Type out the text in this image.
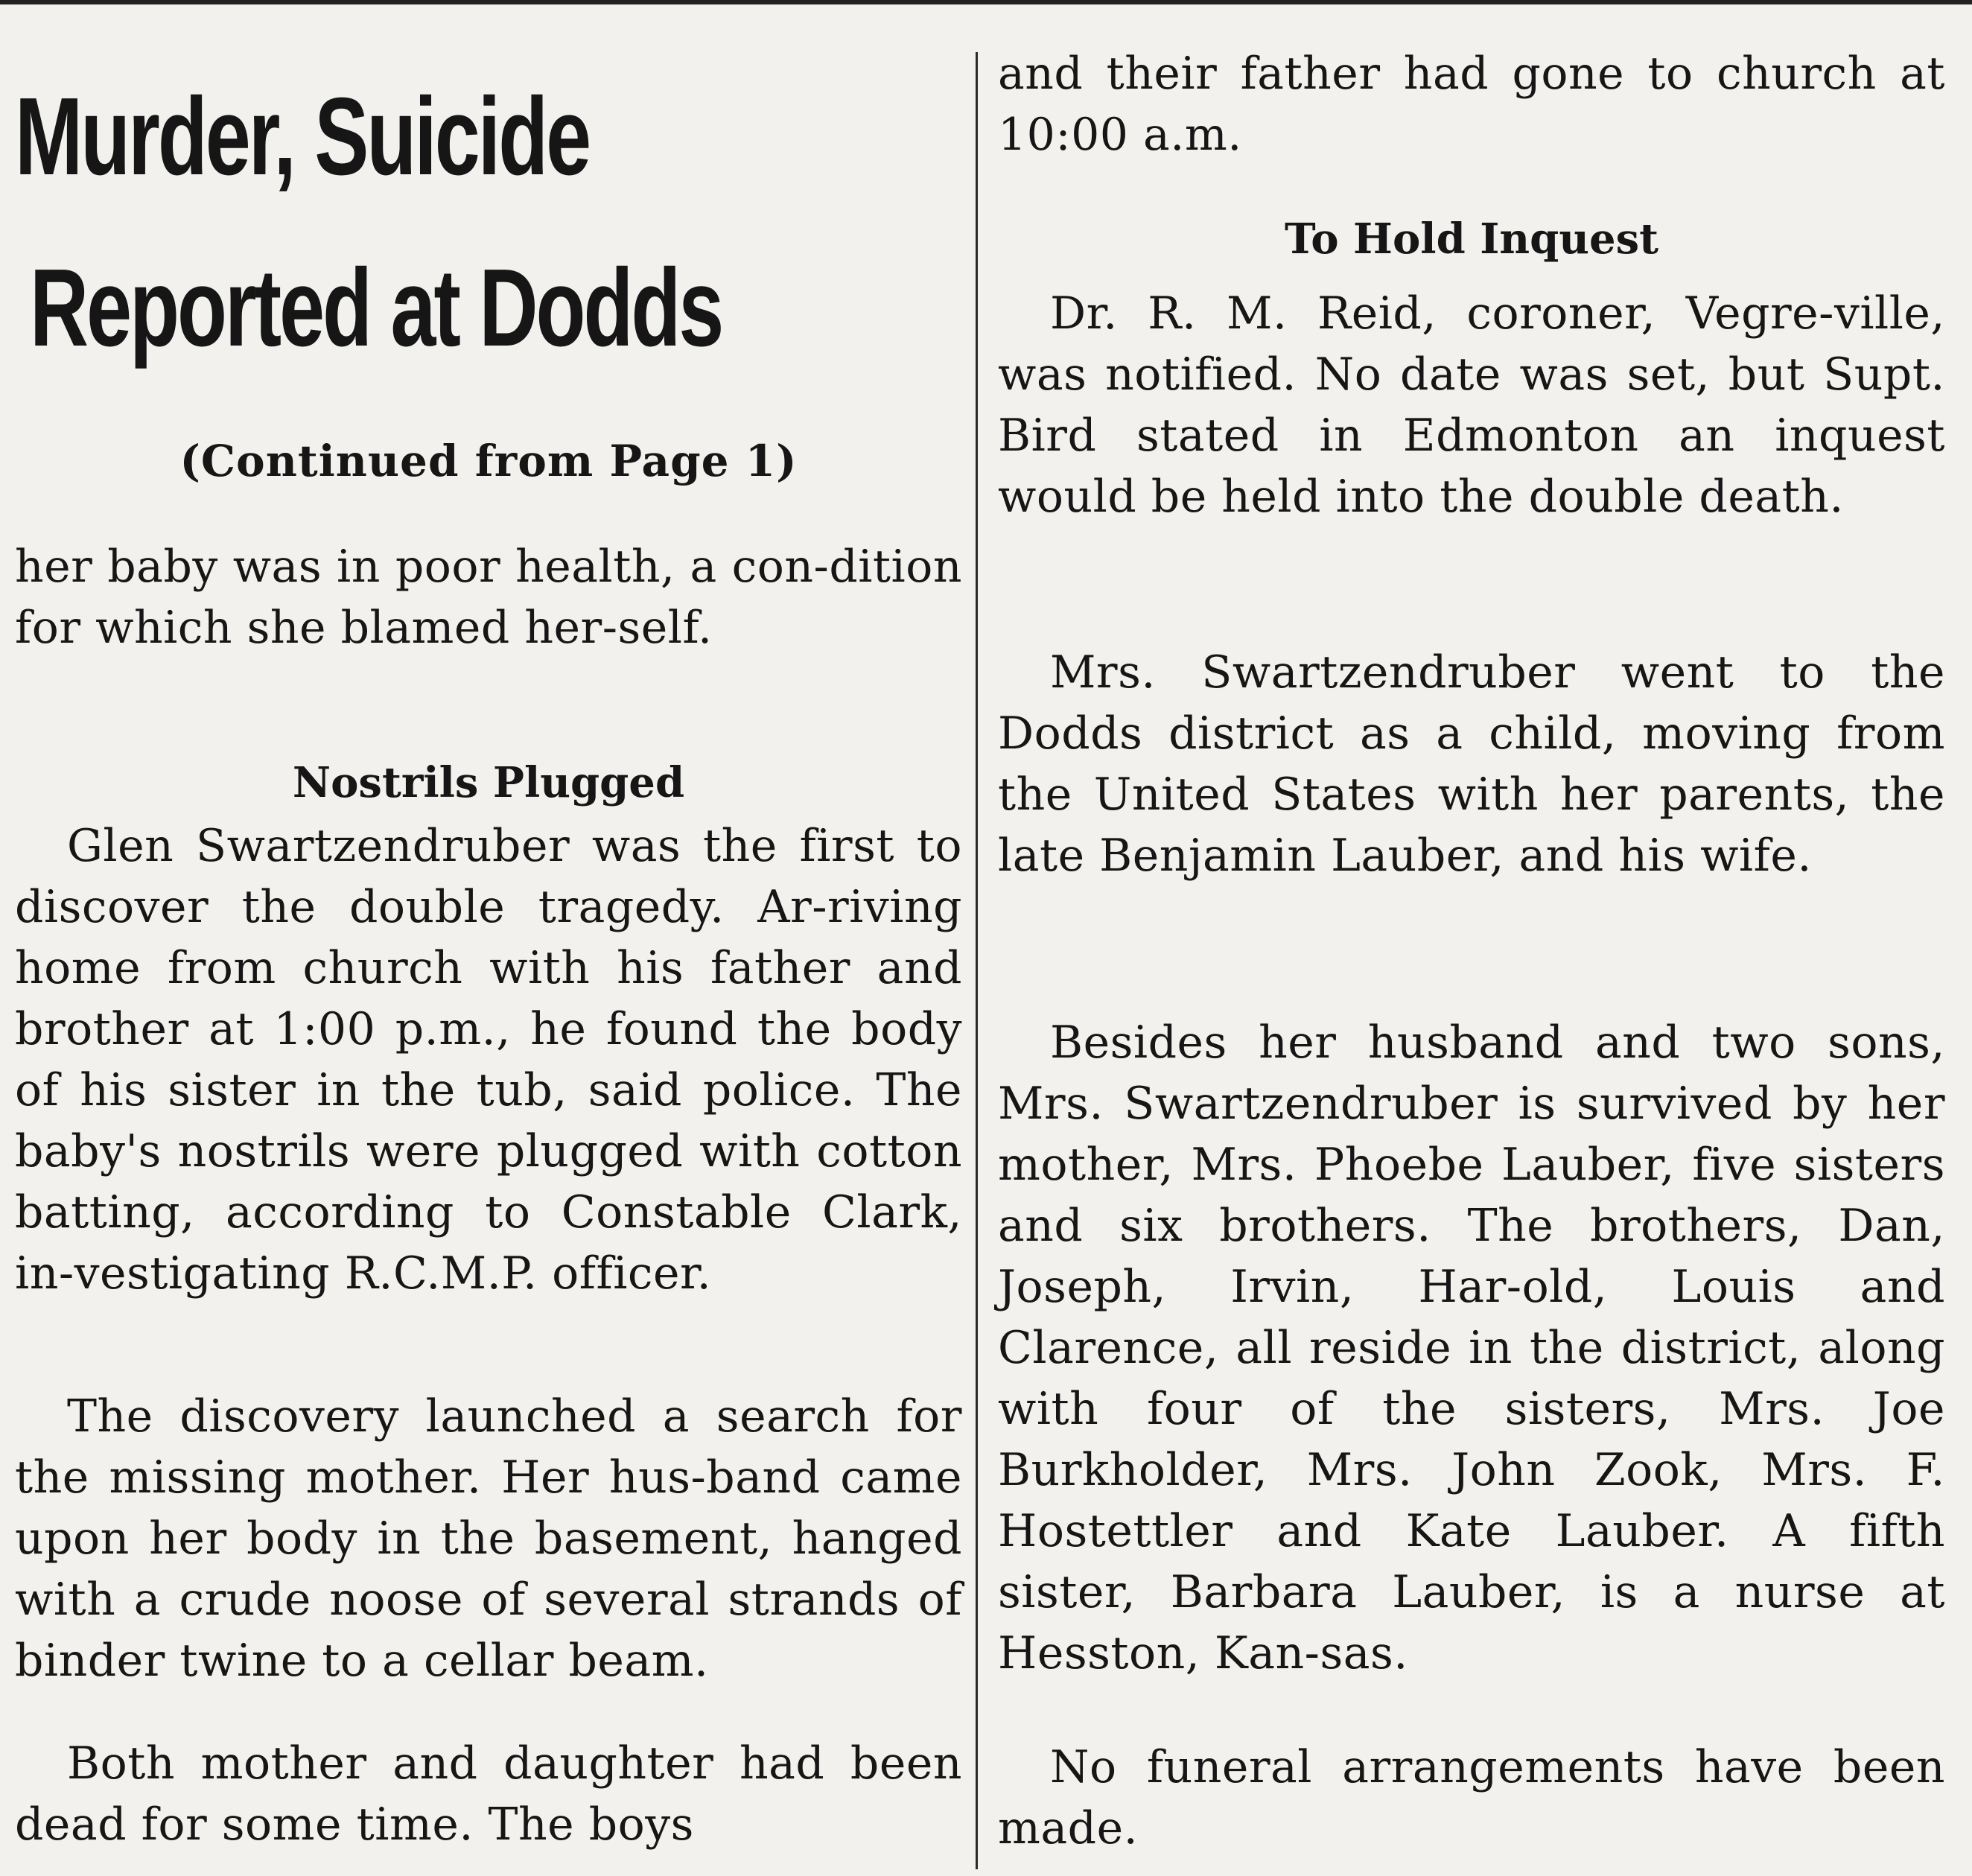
Murder, Suicide
Reported at Dodds
(Continued from Page 1)

her baby was in poor health, a con-dition for which she blamed her-self.

Nostrils Plugged

Glen Swartzendruber was the first to discover the double tragedy. Ar-riving home from church with his father and brother at 1:00 p.m., he found the body of his sister in the tub, said police. The baby's nostrils were plugged with cotton batting, according to Constable Clark, in-vestigating R.C.M.P. officer.

The discovery launched a search for the missing mother. Her hus-band came upon her body in the basement, hanged with a crude noose of several strands of binder twine to a cellar beam.

Both mother and daughter had been dead for some time. The boys

and their father had gone to church at 10:00 a.m.

To Hold Inquest

Dr. R. M. Reid, coroner, Vegre-ville, was notified. No date was set, but Supt. Bird stated in Edmonton an inquest would be held into the double death.

Mrs. Swartzendruber went to the Dodds district as a child, moving from the United States with her parents, the late Benjamin Lauber, and his wife.

Besides her husband and two sons, Mrs. Swartzendruber is survived by her mother, Mrs. Phoebe Lauber, five sisters and six brothers. The brothers, Dan, Joseph, Irvin, Har-old, Louis and Clarence, all reside in the district, along with four of the sisters, Mrs. Joe Burkholder, Mrs. John Zook, Mrs. F. Hostettler and Kate Lauber. A fifth sister, Barbara Lauber, is a nurse at Hesston, Kan-sas.

No funeral arrangements have been made.
